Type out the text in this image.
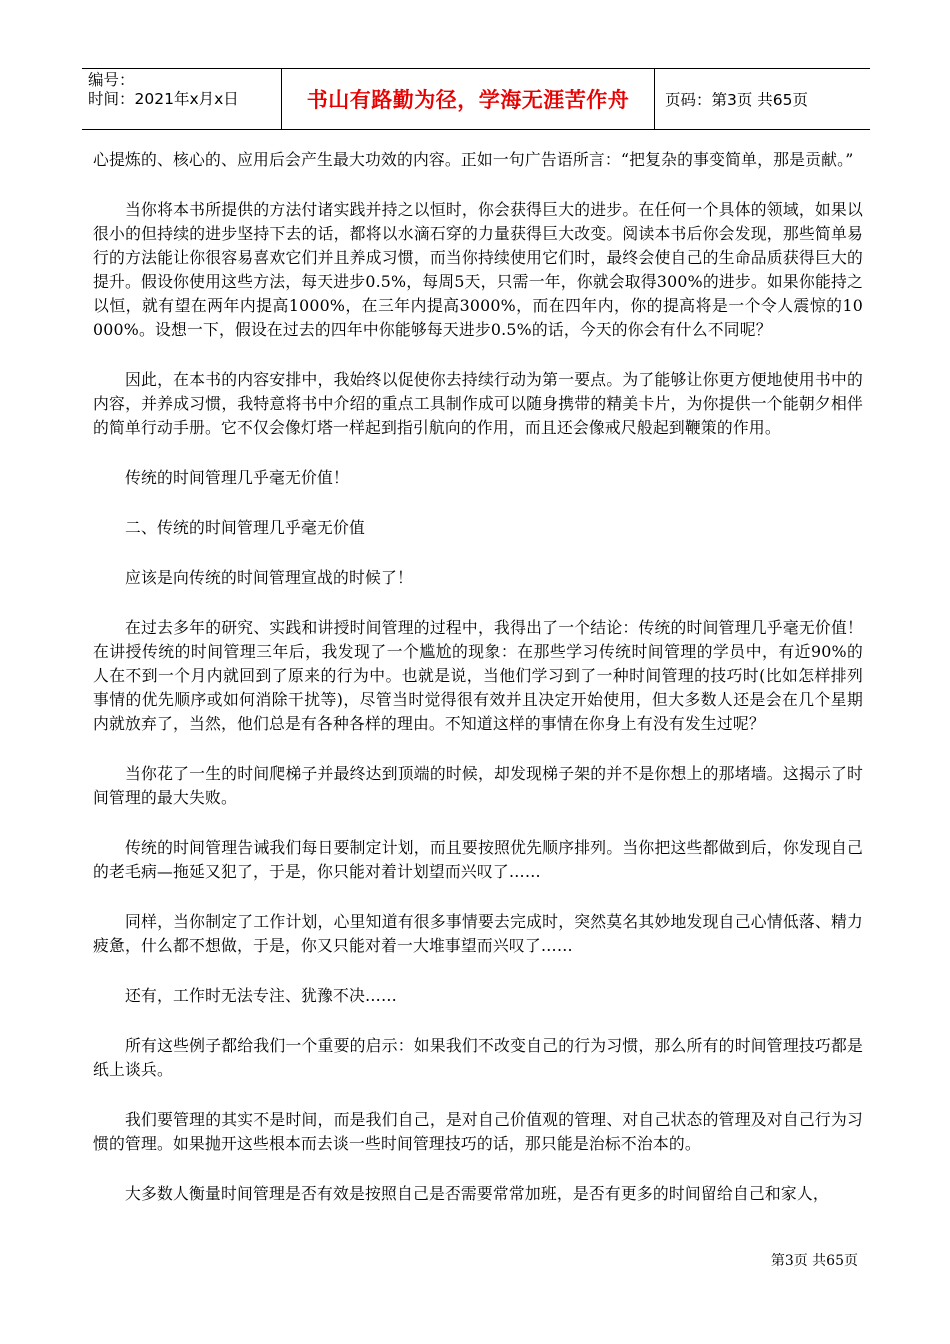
编号：
时间：2021年x月x日	书山有路勤为径，学海无涯苦作舟 页码：第3页 共65页

心提炼的、核心的、应用后会产生最大功效的内容。正如一句广告语所言：“把复杂的事变简单，那是贡献。”

当你将本书所提供的方法付诸实践并持之以恒时，你会获得巨大的进步。在任何一个具体的领域，如果以很小的但持续的进步坚持下去的话，都将以水滴石穿的力量获得巨大改变。阅读本书后你会发现，那些简单易行的方法能让你很容易喜欢它们并且养成习惯，而当你持续使用它们时，最终会使自己的生命品质获得巨大的提升。假设你使用这些方法，每天进步0.5%，每周5天，只需一年，你就会取得300%的进步。如果你能持之以恒，就有望在两年内提高1000%，在三年内提高3000%，而在四年内，你的提高将是一个令人震惊的10 000%。设想一下，假设在过去的四年中你能够每天进步0.5%的话，今天的你会有什么不同呢？

因此，在本书的内容安排中，我始终以促使你去持续行动为第一要点。为了能够让你更方便地使用书中的内容，并养成习惯，我特意将书中介绍的重点工具制作成可以随身携带的精美卡片，为你提供一个能朝夕相伴的简单行动手册。它不仅会像灯塔一样起到指引航向的作用，而且还会像戒尺般起到鞭策的作用。

传统的时间管理几乎毫无价值！

二、传统的时间管理几乎毫无价值

应该是向传统的时间管理宣战的时候了！

在过去多年的研究、实践和讲授时间管理的过程中，我得出了一个结论：传统的时间管理几乎毫无价值！在讲授传统的时间管理三年后，我发现了一个尴尬的现象：在那些学习传统时间管理的学员中，有近90%的人在不到一个月内就回到了原来的行为中。也就是说，当他们学习到了一种时间管理的技巧时(比如怎样排列事情的优先顺序或如何消除干扰等)，尽管当时觉得很有效并且决定开始使用，但大多数人还是会在几个星期内就放弃了，当然，他们总是有各种各样的理由。不知道这样的事情在你身上有没有发生过呢？

当你花了一生的时间爬梯子并最终达到顶端的时候，却发现梯子架的并不是你想上的那堵墙。这揭示了时间管理的最大失败。

传统的时间管理告诫我们每日要制定计划，而且要按照优先顺序排列。当你把这些都做到后，你发现自己的老毛病—拖延又犯了，于是，你只能对着计划望而兴叹了……

同样，当你制定了工作计划，心里知道有很多事情要去完成时，突然莫名其妙地发现自己心情低落、精力疲惫，什么都不想做，于是，你又只能对着一大堆事望而兴叹了……

还有，工作时无法专注、犹豫不决……

所有这些例子都给我们一个重要的启示：如果我们不改变自己的行为习惯，那么所有的时间管理技巧都是纸上谈兵。

我们要管理的其实不是时间，而是我们自己，是对自己价值观的管理、对自己状态的管理及对自己行为习惯的管理。如果抛开这些根本而去谈一些时间管理技巧的话，那只能是治标不治本的。

大多数人衡量时间管理是否有效是按照自己是否需要常常加班，是否有更多的时间留给自己和家人，

第3页 共65页
